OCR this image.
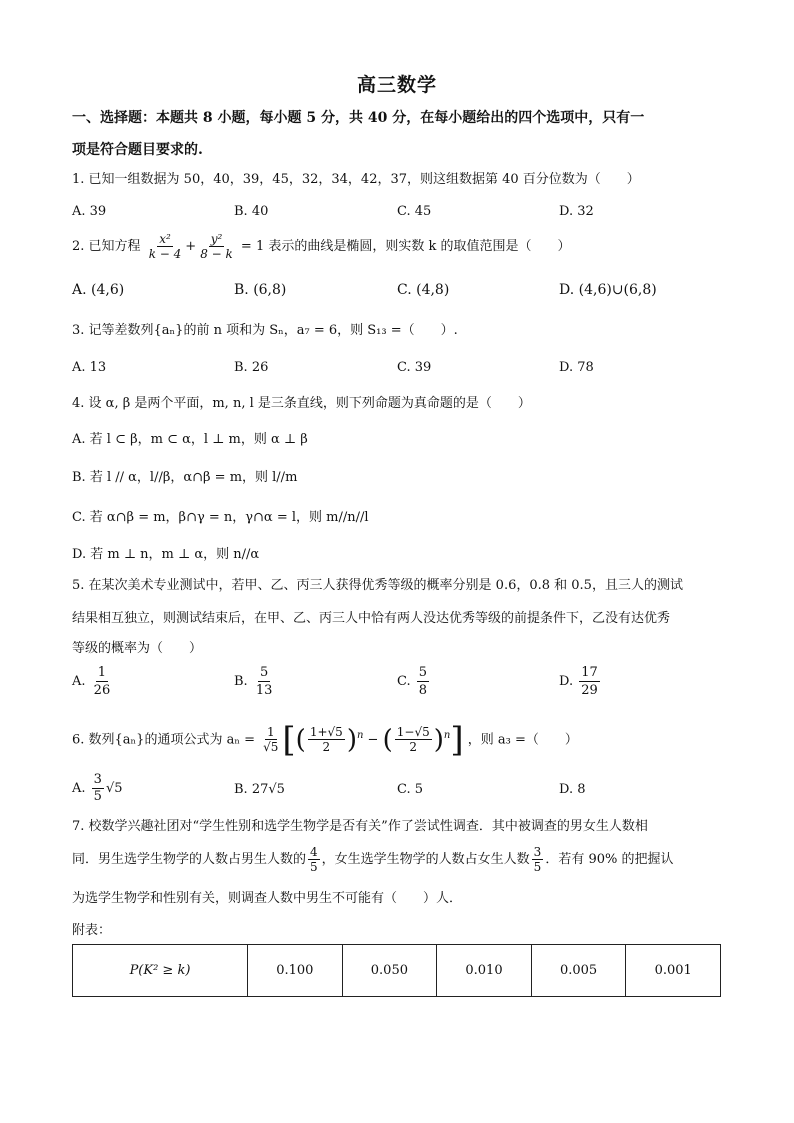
高三数学
一、选择题：本题共 8 小题，每小题 5 分，共 40 分，在每小题给出的四个选项中，只有一
项是符合题目要求的.
1. 已知一组数据为 50，40，39，45，32，34，42，37，则这组数据第 40 百分位数为（　　）
A. 39	B. 40	C. 45	D. 32
2. 已知方程 $\frac{\text{x²}}{k - 4} + \frac{\text{y²}}{8 - k} = 1$ 表示的曲线是椭圆，则实数 k 的取值范围是（　　）
A. (4,6)	B. (6,8)	C. (4,8)	D. (4,6)∪(6,8)
3. 记等差数列{aₙ}的前 n 项和为 Sₙ，a₇ = 6，则 S₁₃ =（　　）.
A. 13	B. 26	C. 39	D. 78
4. 设 α, β 是两个平面，m, n, l 是三条直线，则下列命题为真命题的是（　　）
A. 若 l ⊂ β，m ⊂ α，l ⊥ m，则 α ⊥ β
B. 若 l // α，l//β，α∩β = m，则 l//m
C. 若 α∩β = m，β∩γ = n，γ∩α = l，则 m//n//l
D. 若 m ⊥ n，m ⊥ α，则 n//α
5. 在某次美术专业测试中，若甲、乙、丙三人获得优秀等级的概率分别是 0.6，0.8 和 0.5，且三人的测试
结果相互独立，则测试结束后，在甲、乙、丙三人中恰有两人没达优秀等级的前提条件下，乙没有达优秀
等级的概率为（　　）
A. $\frac{1}{26}$	B. $\frac{5}{13}$	C. $\frac{5}{8}$	D. $\frac{17}{29}$
6. 数列{aₙ}的通项公式为 $a_n = \frac{1}{√5}$ [( $\frac{1+√5}{2} )^n$ − ( $\frac{1-√5}{2} )^n$] ，则 a₃ =（　　）
A. $\frac{3}{5} √5$	B. 27√5	C. 5	D. 8
7. 校数学兴趣社团对“学生性别和选学生物学是否有关”作了尝试性调查．其中被调查的男女生人数相
同．男生选学生物学的人数占男生人数的 $\frac{4}{5}$ ，女生选学生物学的人数占女生人数 $\frac{3}{5}$ ．若有 90% 的把握认
为选学生物学和性别有关，则调查人数中男生不可能有（　　）人．
附表：
P(K² ≥ k)	0.100	0.050	0.010	0.005	0.001
